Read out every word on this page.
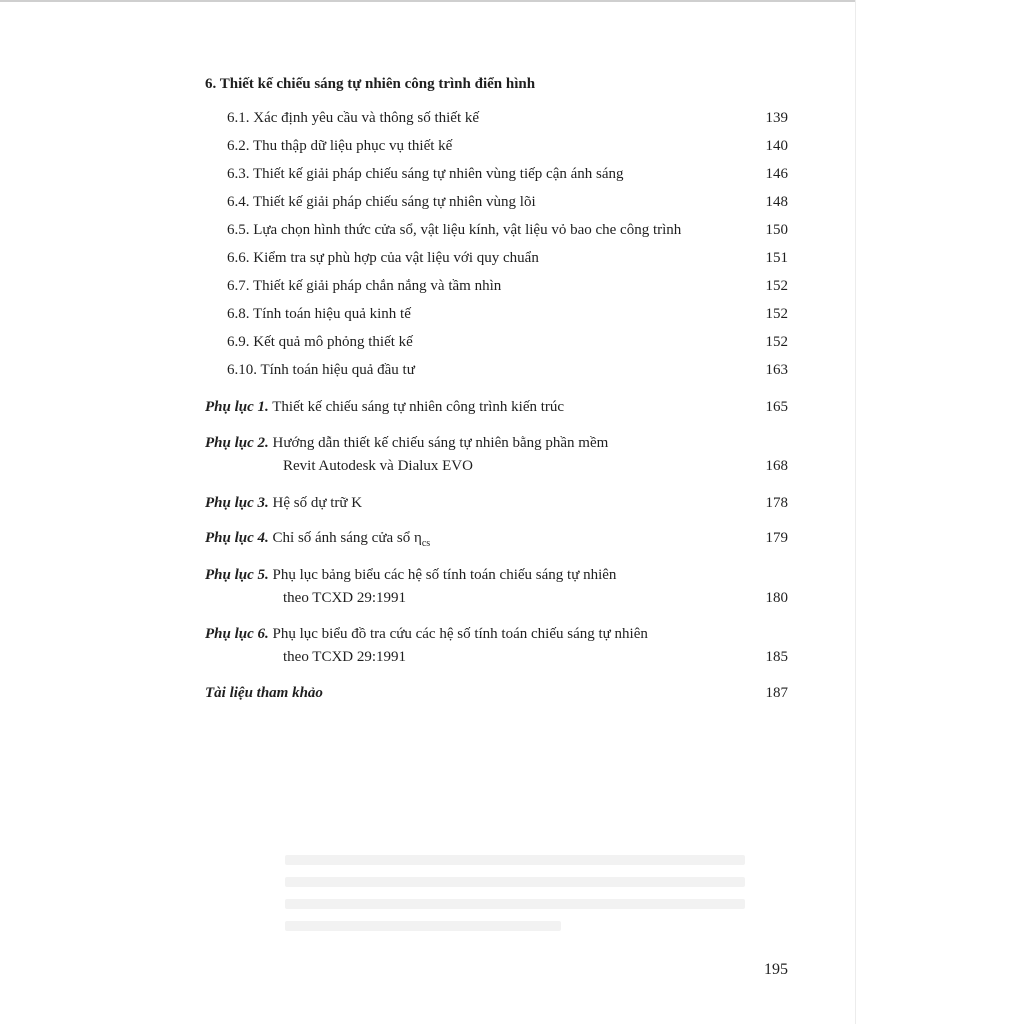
6. Thiết kế chiếu sáng tự nhiên công trình điển hình
6.1. Xác định yêu cầu và thông số thiết kế	139
6.2. Thu thập dữ liệu phục vụ thiết kế	140
6.3. Thiết kế giải pháp chiếu sáng tự nhiên vùng tiếp cận ánh sáng	146
6.4. Thiết kế giải pháp chiếu sáng tự nhiên vùng lõi	148
6.5. Lựa chọn hình thức cửa sổ, vật liệu kính, vật liệu vỏ bao che công trình	150
6.6. Kiểm tra sự phù hợp của vật liệu với quy chuẩn	151
6.7. Thiết kế giải pháp chắn nắng và tầm nhìn	152
6.8. Tính toán hiệu quả kinh tế	152
6.9. Kết quả mô phỏng thiết kế	152
6.10. Tính toán hiệu quả đầu tư	163
Phụ lục 1. Thiết kế chiếu sáng tự nhiên công trình kiến trúc	165
Phụ lục 2. Hướng dẫn thiết kế chiếu sáng tự nhiên bằng phần mềm
Revit Autodesk và Dialux EVO	168
Phụ lục 3. Hệ số dự trữ K	178
Phụ lục 4. Chỉ số ánh sáng cửa sổ $\eta_{cs}$	179
Phụ lục 5. Phụ lục bảng biểu các hệ số tính toán chiếu sáng tự nhiên
theo TCXD 29:1991	180
Phụ lục 6. Phụ lục biểu đồ tra cứu các hệ số tính toán chiếu sáng tự nhiên
theo TCXD 29:1991	185
Tài liệu tham khảo	187
195
